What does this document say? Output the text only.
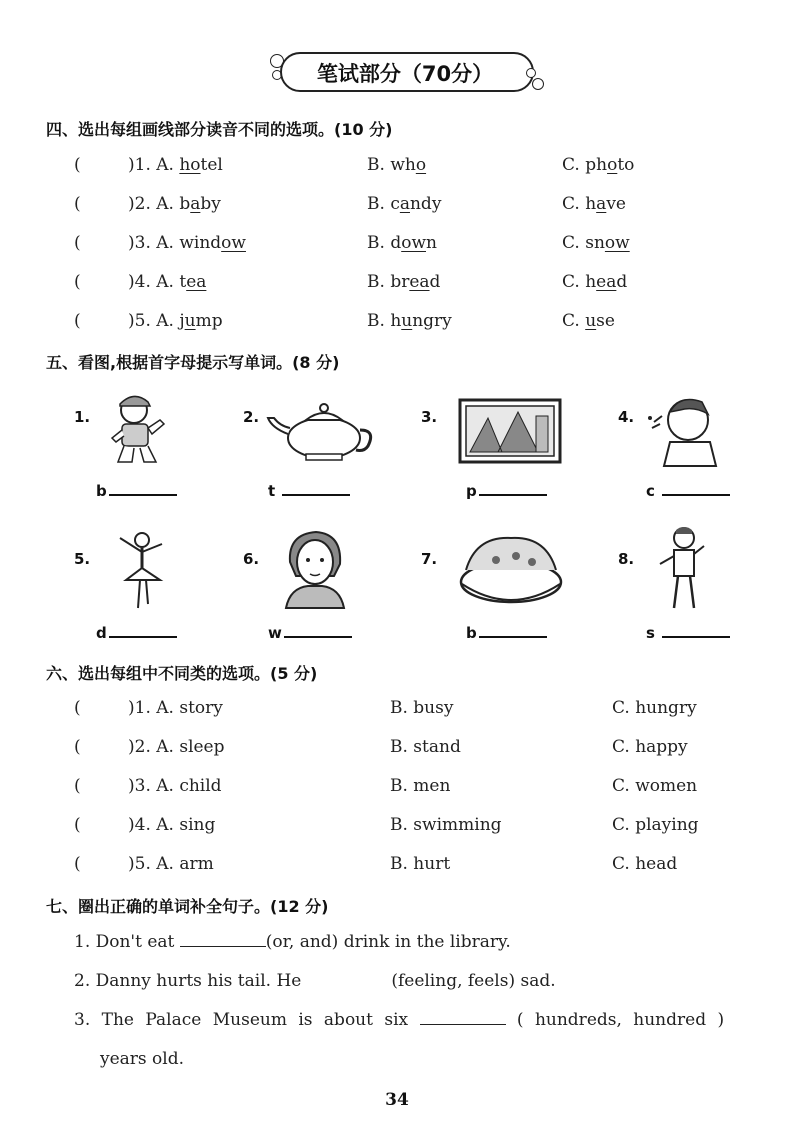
笔试部分（70分）
四、选出每组画线部分读音不同的选项。(10 分)
(	)1. A. hotel	B. who	C. photo
(	)2. A. baby	B. candy	C. have
(	)3. A. window	B. down	C. snow
(	)4. A. tea	B. bread	C. head
(	)5. A. jump	B. hungry	C. use
五、看图,根据首字母提示写单词。(8 分)
1.	2.	3.	4.
b	t	p	c
5.	6.	7.	8.
d	w	b	s
六、选出每组中不同类的选项。(5 分)
(	)1. A. story	B. busy	C. hungry
(	)2. A. sleep	B. stand	C. happy
(	)3. A. child	B. men	C. women
(	)4. A. sing	B. swimming	C. playing
(	)5. A. arm	B. hurt	C. head
七、圈出正确的单词补全句子。(12 分)
1. Don't eat	(or, and) drink in the library.
2. Danny hurts his tail. He	(feeling, feels) sad.
3. The Palace Museum is about six	( hundreds, hundred )
years old.
34
